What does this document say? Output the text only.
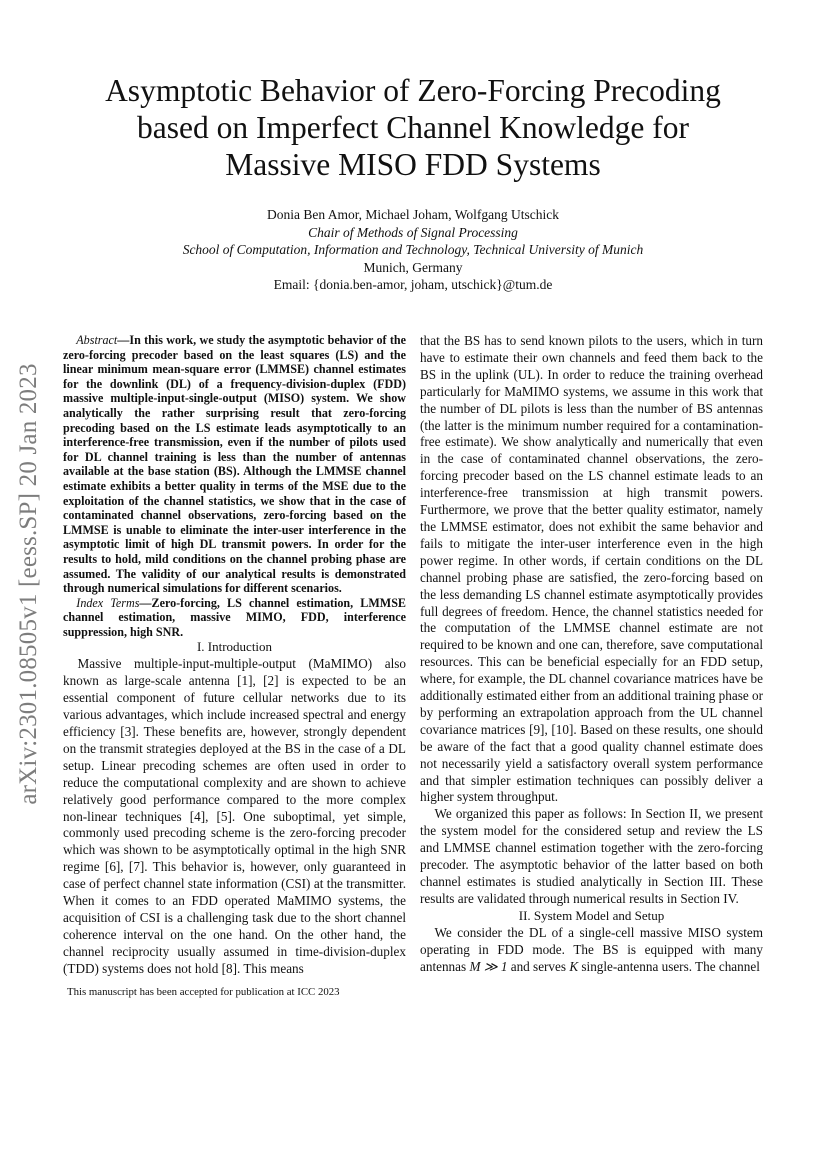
Asymptotic Behavior of Zero-Forcing Precoding
based on Imperfect Channel Knowledge for
Massive MISO FDD Systems
Donia Ben Amor, Michael Joham, Wolfgang Utschick
Chair of Methods of Signal Processing
School of Computation, Information and Technology, Technical University of Munich
Munich, Germany
Email: {donia.ben-amor, joham, utschick}@tum.de
arXiv:2301.08505v1 [eess.SP] 20 Jan 2023

Abstract—In this work, we study the asymptotic behavior of the zero-forcing precoder based on the least squares (LS) and the linear minimum mean-square error (LMMSE) channel estimates for the downlink (DL) of a frequency-division-duplex (FDD) massive multiple-input-single-output (MISO) system. We show analytically the rather surprising result that zero-forcing precoding based on the LS estimate leads asymptotically to an interference-free transmission, even if the number of pilots used for DL channel training is less than the number of antennas available at the base station (BS). Although the LMMSE channel estimate exhibits a better quality in terms of the MSE due to the exploitation of the channel statistics, we show that in the case of contaminated channel observations, zero-forcing based on the LMMSE is unable to eliminate the inter-user interference in the asymptotic limit of high DL transmit powers. In order for the results to hold, mild conditions on the channel probing phase are assumed. The validity of our analytical results is demonstrated through numerical simulations for different scenarios.

Index Terms—Zero-forcing, LS channel estimation, LMMSE channel estimation, massive MIMO, FDD, interference suppression, high SNR.

I. Introduction

Massive multiple-input-multiple-output (MaMIMO) also known as large-scale antenna [1], [2] is expected to be an essential component of future cellular networks due to its various advantages, which include increased spectral and energy efficiency [3]. These benefits are, however, strongly dependent on the transmit strategies deployed at the BS in the case of a DL setup. Linear precoding schemes are often used in order to reduce the computational complexity and are shown to achieve relatively good performance compared to the more complex non-linear techniques [4], [5]. One suboptimal, yet simple, commonly used precoding scheme is the zero-forcing precoder which was shown to be asymptotically optimal in the high SNR regime [6], [7]. This behavior is, however, only guaranteed in case of perfect channel state information (CSI) at the transmitter. When it comes to an FDD operated MaMIMO systems, the acquisition of CSI is a challenging task due to the short channel coherence interval on the one hand. On the other hand, the channel reciprocity usually assumed in time-division-duplex (TDD) systems does not hold [8]. This means

that the BS has to send known pilots to the users, which in turn have to estimate their own channels and feed them back to the BS in the uplink (UL). In order to reduce the training overhead particularly for MaMIMO systems, we assume in this work that the number of DL pilots is less than the number of BS antennas (the latter is the minimum number required for a contamination-free estimate). We show analytically and numerically that even in the case of contaminated channel observations, the zero-forcing precoder based on the LS channel estimate leads to an interference-free transmission at high transmit powers. Furthermore, we prove that the better quality estimator, namely the LMMSE estimator, does not exhibit the same behavior and fails to mitigate the inter-user interference even in the high power regime. In other words, if certain conditions on the DL channel probing phase are satisfied, the zero-forcing based on the less demanding LS channel estimate asymptotically provides full degrees of freedom. Hence, the channel statistics needed for the computation of the LMMSE channel estimate are not required to be known and one can, therefore, save computational resources. This can be beneficial especially for an FDD setup, where, for example, the DL channel covariance matrices have be additionally estimated either from an additional training phase or by performing an extrapolation approach from the UL channel covariance matrices [9], [10]. Based on these results, one should be aware of the fact that a good quality channel estimate does not necessarily yield a satisfactory overall system performance and that simpler estimation techniques can possibly deliver a higher system throughput.

We organized this paper as follows: In Section II, we present the system model for the considered setup and review the LS and LMMSE channel estimation together with the zero-forcing precoder. The asymptotic behavior of the latter based on both channel estimates is studied analytically in Section III. These results are validated through numerical results in Section IV.

II. System Model and Setup

We consider the DL of a single-cell massive MISO system operating in FDD mode. The BS is equipped with many antennas M ≫ 1 and serves K single-antenna users. The channel

This manuscript has been accepted for publication at ICC 2023
